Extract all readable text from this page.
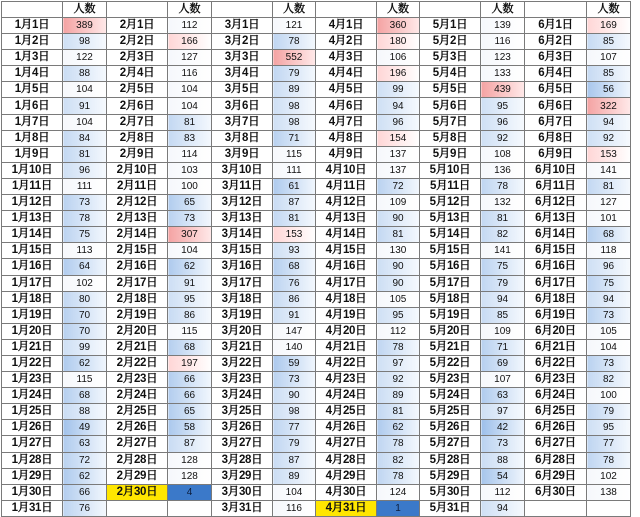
	人数		人数		人数		人数		人数		人数
1月1日	389	2月1日	112	3月1日	121	4月1日	360	5月1日	139	6月1日	169
1月2日	98	2月2日	166	3月2日	78	4月2日	180	5月2日	116	6月2日	85
1月3日	122	2月3日	127	3月3日	552	4月3日	106	5月3日	123	6月3日	107
1月4日	88	2月4日	116	3月4日	79	4月4日	196	5月4日	133	6月4日	85
1月5日	104	2月5日	104	3月5日	89	4月5日	99	5月5日	439	6月5日	56
1月6日	91	2月6日	104	3月6日	98	4月6日	94	5月6日	95	6月6日	322
1月7日	104	2月7日	81	3月7日	98	4月7日	96	5月7日	96	6月7日	94
1月8日	84	2月8日	83	3月8日	71	4月8日	154	5月8日	92	6月8日	92
1月9日	81	2月9日	114	3月9日	115	4月9日	137	5月9日	108	6月9日	153
1月10日	96	2月10日	103	3月10日	111	4月10日	137	5月10日	136	6月10日	141
1月11日	111	2月11日	100	3月11日	61	4月11日	72	5月11日	78	6月11日	81
1月12日	73	2月12日	65	3月12日	87	4月12日	109	5月12日	132	6月12日	127
1月13日	78	2月13日	73	3月13日	81	4月13日	90	5月13日	81	6月13日	101
1月14日	75	2月14日	307	3月14日	153	4月14日	81	5月14日	82	6月14日	68
1月15日	113	2月15日	104	3月15日	93	4月15日	130	5月15日	141	6月15日	118
1月16日	64	2月16日	62	3月16日	68	4月16日	90	5月16日	75	6月16日	96
1月17日	102	2月17日	91	3月17日	76	4月17日	90	5月17日	79	6月17日	75
1月18日	80	2月18日	95	3月18日	86	4月18日	105	5月18日	94	6月18日	94
1月19日	70	2月19日	86	3月19日	91	4月19日	95	5月19日	85	6月19日	73
1月20日	70	2月20日	115	3月20日	147	4月20日	112	5月20日	109	6月20日	105
1月21日	99	2月21日	68	3月21日	140	4月21日	78	5月21日	71	6月21日	104
1月22日	62	2月22日	197	3月22日	59	4月22日	97	5月22日	69	6月22日	73
1月23日	115	2月23日	66	3月23日	73	4月23日	92	5月23日	107	6月23日	82
1月24日	68	2月24日	66	3月24日	90	4月24日	89	5月24日	63	6月24日	100
1月25日	88	2月25日	65	3月25日	98	4月25日	81	5月25日	97	6月25日	79
1月26日	49	2月26日	58	3月26日	77	4月26日	62	5月26日	42	6月26日	95
1月27日	63	2月27日	87	3月27日	79	4月27日	78	5月27日	73	6月27日	77
1月28日	72	2月28日	128	3月28日	87	4月28日	82	5月28日	88	6月28日	78
1月29日	62	2月29日	128	3月29日	89	4月29日	78	5月29日	54	6月29日	102
1月30日	66	2月30日	4	3月30日	104	4月30日	124	5月30日	112	6月30日	138
1月31日	76			3月31日	116	4月31日	1	5月31日	94		
